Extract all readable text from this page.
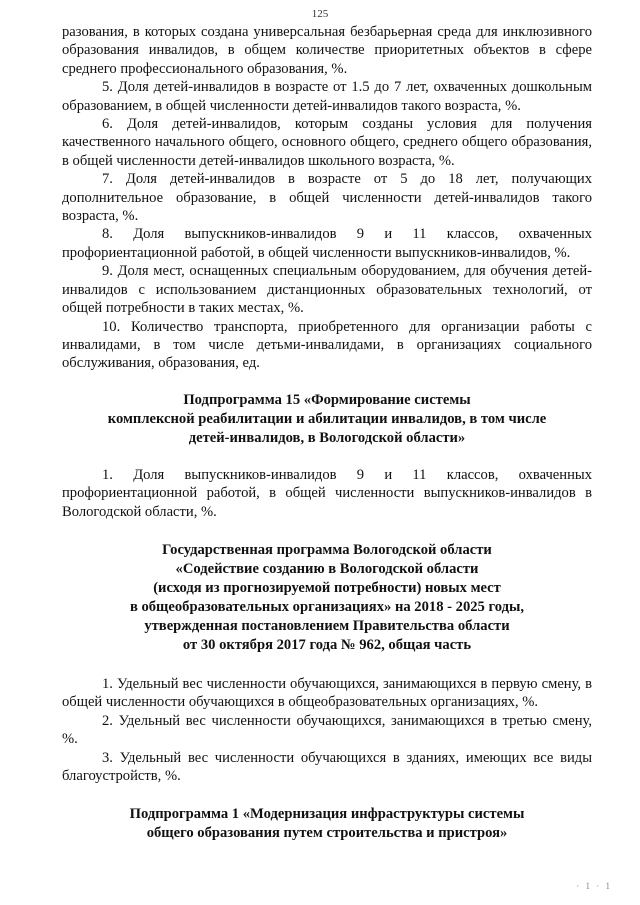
125

разования, в которых создана универсальная безбарьерная среда для инклюзивного образования инвалидов, в общем количестве приоритетных объектов в сфере среднего профессионального образования, %.

5. Доля детей-инвалидов в возрасте от 1.5 до 7 лет, охваченных дошкольным образованием, в общей численности детей-инвалидов такого возраста, %.

6. Доля детей-инвалидов, которым созданы условия для получения качественного начального общего, основного общего, среднего общего образования, в общей численности детей-инвалидов школьного возраста, %.

7. Доля детей-инвалидов в возрасте от 5 до 18 лет, получающих дополнительное образование, в общей численности детей-инвалидов такого возраста, %.

8. Доля выпускников-инвалидов 9 и 11 классов, охваченных профориентационной работой, в общей численности выпускников-инвалидов, %.

9. Доля мест, оснащенных специальным оборудованием, для обучения детей-инвалидов с использованием дистанционных образовательных технологий, от общей потребности в таких местах, %.

10. Количество транспорта, приобретенного для организации работы с инвалидами, в том числе детьми-инвалидами, в организациях социального обслуживания, образования, ед.

Подпрограмма 15 «Формирование системы
комплексной реабилитации и абилитации инвалидов, в том числе
детей-инвалидов, в Вологодской области»

1. Доля выпускников-инвалидов 9 и 11 классов, охваченных профориентационной работой, в общей численности выпускников-инвалидов в Вологодской области, %.

Государственная программа Вологодской области
«Содействие созданию в Вологодской области
(исходя из прогнозируемой потребности) новых мест
в общеобразовательных организациях» на 2018 - 2025 годы,
утвержденная постановлением Правительства области
от 30 октября 2017 года № 962, общая часть

1. Удельный вес численности обучающихся, занимающихся в первую смену, в общей численности обучающихся в общеобразовательных организациях, %.

2. Удельный вес численности обучающихся, занимающихся в третью смену, %.

3. Удельный вес численности обучающихся в зданиях, имеющих все виды благоустройств, %.

Подпрограмма 1 «Модернизация инфраструктуры системы
общего образования путем строительства и пристроя»
· 1 · 1
